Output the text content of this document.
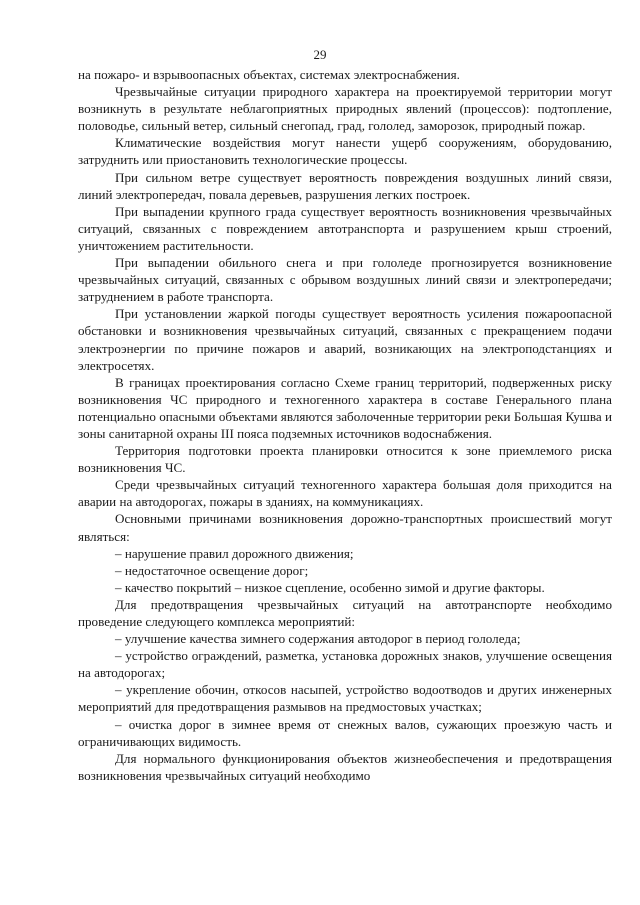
29

на пожаро- и взрывоопасных объектах, системах электроснабжения.

Чрезвычайные ситуации природного характера на проектируемой территории могут возникнуть в результате неблагоприятных природных явлений (процессов): подтопление, половодье, сильный ветер, сильный снегопад, град, гололед, заморозок, природный пожар.

Климатические воздействия могут нанести ущерб сооружениям, оборудованию, затруднить или приостановить технологические процессы.

При сильном ветре существует вероятность повреждения воздушных линий связи, линий электропередач, повала деревьев, разрушения легких построек.

При выпадении крупного града существует вероятность возникновения чрезвычайных ситуаций, связанных с повреждением автотранспорта и разрушением крыш строений, уничтожением растительности.

При выпадении обильного снега и при гололеде прогнозируется возникновение чрезвычайных ситуаций, связанных с обрывом воздушных линий связи и электропередачи; затруднением в работе транспорта.

При установлении жаркой погоды существует вероятность усиления пожароопасной обстановки и возникновения чрезвычайных ситуаций, связанных с прекращением подачи электроэнергии по причине пожаров и аварий, возникающих на электроподстанциях и электросетях.

В границах проектирования согласно Схеме границ территорий, подверженных риску возникновения ЧС природного и техногенного характера в составе Генерального плана потенциально опасными объектами являются заболоченные территории реки Большая Кушва и зоны санитарной охраны III пояса подземных источников водоснабжения.

Территория подготовки проекта планировки относится к зоне приемлемого риска возникновения ЧС.

Среди чрезвычайных ситуаций техногенного характера большая доля приходится на аварии на автодорогах, пожары в зданиях, на коммуникациях.

Основными причинами возникновения дорожно-транспортных происшествий могут являться:

– нарушение правил дорожного движения;

– недостаточное освещение дорог;

– качество покрытий – низкое сцепление, особенно зимой и другие факторы.

Для предотвращения чрезвычайных ситуаций на автотранспорте необходимо проведение следующего комплекса мероприятий:

– улучшение качества зимнего содержания автодорог в период гололеда;

– устройство ограждений, разметка, установка дорожных знаков, улучшение освещения на автодорогах;

– укрепление обочин, откосов насыпей, устройство водоотводов и других инженерных мероприятий для предотвращения размывов на предмостовых участках;

– очистка дорог в зимнее время от снежных валов, сужающих проезжую часть и ограничивающих видимость.

Для нормального функционирования объектов жизнеобеспечения и предотвращения возникновения чрезвычайных ситуаций необходимо
